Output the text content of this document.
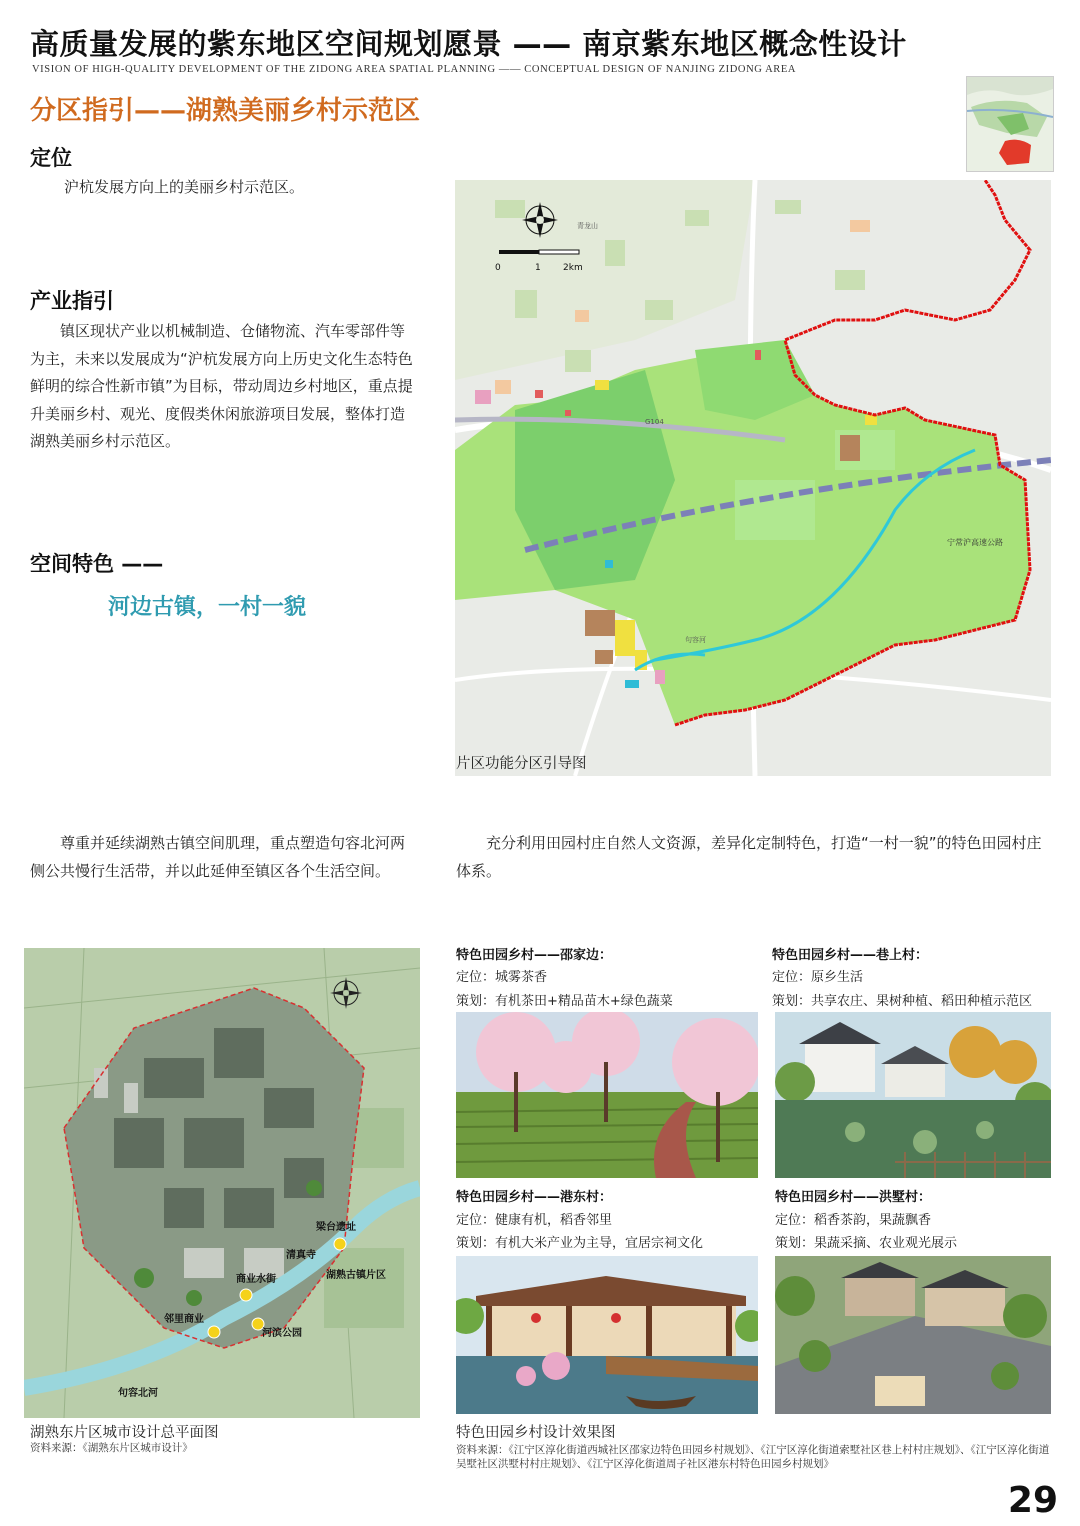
高质量发展的紫东地区空间规划愿景 —— 南京紫东地区概念性设计
VISION OF HIGH-QUALITY DEVELOPMENT OF THE ZIDONG AREA SPATIAL PLANNING —— CONCEPTUAL DESIGN OF NANJING ZIDONG AREA
分区指引——湖熟美丽乡村示范区
定位
沪杭发展方向上的美丽乡村示范区。
产业指引
镇区现状产业以机械制造、仓储物流、汽车零部件等为主，未来以发展成为“沪杭发展方向上历史文化生态特色鲜明的综合性新市镇”为目标，带动周边乡村地区，重点提升美丽乡村、观光、度假类休闲旅游项目发展，整体打造湖熟美丽乡村示范区。
空间特色 ——
河边古镇，一村一貌
0	1 2km
青龙山
G104
宁常沪高速公路
句容河
片区功能分区引导图
尊重并延续湖熟古镇空间肌理，重点塑造句容北河两侧公共慢行生活带，并以此延伸至镇区各个生活空间。
充分利用田园村庄自然人文资源，差异化定制特色，打造“一村一貌”的特色田园村庄体系。
梁台遗址
清真寺
湖熟古镇片区
商业水街
邻里商业
河滨公园
句容北河
湖熟东片区城市设计总平面图
资料来源：《湖熟东片区城市设计》
特色田园乡村——邵家边：
定位：城雾茶香
策划：有机茶田+精品苗木+绿色蔬菜
特色田园乡村——巷上村：
定位：原乡生活
策划：共享农庄、果树种植、稻田种植示范区
特色田园乡村——港东村：
定位：健康有机，稻香邻里
策划：有机大米产业为主导，宜居宗祠文化
特色田园乡村——洪墅村：
定位：稻香茶韵，果蔬飘香
策划：果蔬采摘、农业观光展示
特色田园乡村设计效果图
资料来源：《江宁区淳化街道西城社区邵家边特色田园乡村规划》、《江宁区淳化街道索墅社区巷上村村庄规划》、《江宁区淳化街道吴墅社区洪墅村村庄规划》、《江宁区淳化街道周子社区港东村特色田园乡村规划》
29
